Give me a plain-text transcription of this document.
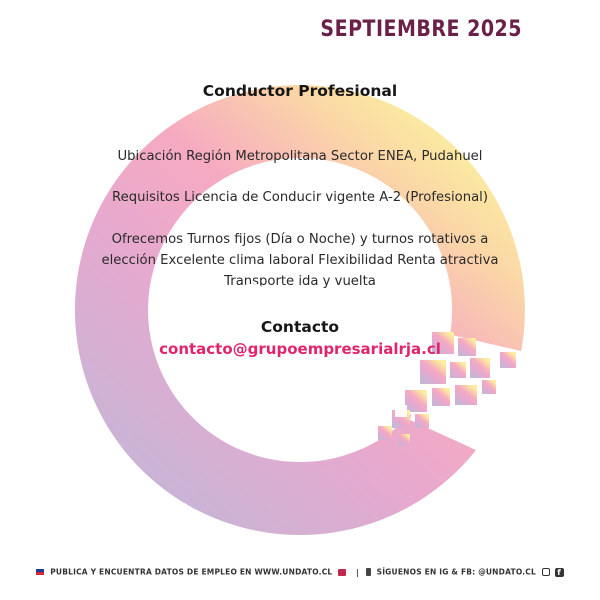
SEPTIEMBRE 2025
Conductor Profesional
Ubicación Región Metropolitana Sector ENEA, Pudahuel
Requisitos Licencia de Conducir vigente A-2 (Profesional)
Ofrecemos Turnos fijos (Día o Noche) y turnos rotativos a elección Excelente clima laboral Flexibilidad Renta atractiva Transporte ida y vuelta
UNDATO
Contacto
contacto@grupoempresarialrja.cl
PUBLICA Y ENCUENTRA DATOS DE EMPLEO EN WWW.UNDATO.CL	| SÍGUENOS EN IG & FB: @UNDATO.CL	f
